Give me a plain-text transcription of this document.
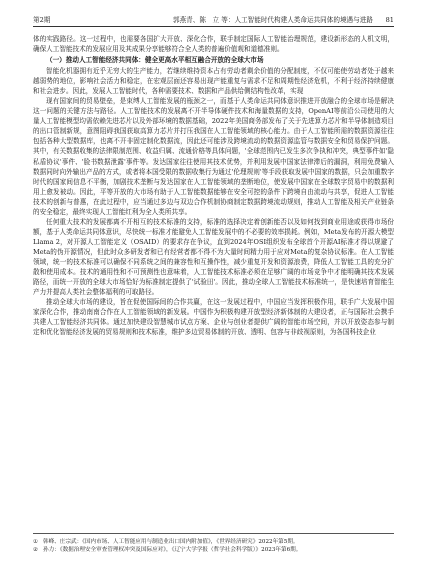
第2期	郭燕青、陈　立 等：人工智能时代构建人类命运共同体的境遇与进路 81

体的实践路径。这一过程中，也需要各国扩大开放、深化合作，联手制定国际人工智能治理规范，建设新形态的人机文明，确保人工智能技术的发展应用及其成果分享能够符合全人类的普遍价值观和道德准则。

（一）推动人工智能经济共同体：健全更高水平相互融合开放的全球大市场

智能化机器拥有近乎无穷大的生产能力，若继续维持资本占有劳动者剩余价值的分配制度，不仅可能使劳动者处于越来越弱势的地位，影响社会活力和稳定，在宏观层面还容易出现产能重复与需求不足和周期性经济危机，不利于经济持续健康和社会进步。因此，发展人工智能时代，各种需要技术、数据和产品供给侧结构性改革，实现

现有国家间的贸易壁垒，是束缚人工智能发展的瓶颈之一，而基于人类命运共同体意识推进开放融合的全球市场是解决这一问题的关键方法与路径。人工智能技术的发展离不开半导体硬件技术和海量数据的支持，OpenAI等前沿公司使用的大量人工智能模型均需依赖先进芯片以及外部环境的数据基础，2022年美国商务部发布了关于先进算力芯片和半导体制造项目的出口管制新规，意图阻碍我国获取高算力芯片并打压我国在人工智能领域的核心能力。由于人工智能所需的数据资源往往包括各种大型数据库，也离不开非固定制化数据流，因此还可能涉及跨境流动的数据资源监管与数据安全和贸易保护问题。其中，有关数据收集的法律限制范围、收益归属、流通价格等具体问题，'全球范围内已发生多次争执和冲突，典型事件如'隐私盾协议'事件、'脸书数据泄露'事件等。发达国家往往使用其技术优势，并利用发展中国家法律滞后的漏洞，利用免费输入数据同时向外输出产品的方式，或者将本国受限的数据收集行为通过'伦理规则'等手段获取发展中国家的数据，只会加重数字时代的国家间信息不平衡，加剧技术垄断与发达国家在人工智能领域的垄断地位，使发展中国家在全球数字贸易中的数据利用上愈发被动。因此，平等开放的大市场有助于人工智能数据能够在安全可控的条件下跨境自由流动与共享，促进人工智能技术的创新与普惠，在此过程中，应当通过多边与双边合作机制协商制定数据跨境流动规则，推动人工智能及相关产业链条的安全稳定，最终实现人工智能红利为全人类所共享。

任何重大技术的发展都离不开相互的技术标准的支持，标准的选择决定着创新能否以及如何找到商业用途或获得市场份额，基于人类命运共同体意识，尽快统一标准才能避免人工智能发展中的不必要的效率损耗。例如，Meta发布的开源大模型Llama 2，对开源人工智能定义（OSAID）的要求存在争议，直到2024年OSI组织发布全球首个开源AI标准才得以规避了Meta的伪开源情况，但此时众多研发者和已有经营者都不得不为大量时间精力用于应对Meta的复杂协议标准。在人工智能领域，统一的技术标准可以确保不同系统之间的兼容性和互操作性，减少重复开发和资源浪费，降低人工智能工具的充分扩散和使用成本。技术的通用性和不可预测性也意味着，人工智能技术标准必须在足够广阔的市场竞争中才能明确其技术发展路径，而统一开放的全球大市场恰好为标准制定提供了'试验田'。因此，推动全球人工智能技术标准统一，是快速培育智能生产力并提高人类社会整体福利的可取路径。

推动全球大市场的建设，旨在促使国际间的合作共赢，在这一发展过程中，中国应当发挥积极作用，联手广大发展中国家深化合作，推动南南合作在人工智能领域的新发展。中国作为积极构建开放型经济新体制的大建设者，正与国际社会携手共建人工智能经济共同体。通过加快建设智慧城市试点方案、企业与创业者提供广阔的智能市场空间，并以开放姿态参与制定和优化智能经济发展的贸易规则和技术标准，维护多边贸易体制的开放、透明、包容与非歧视原则，为各国科技企业

① 韩峰、庄宗武：《国内市场、人工智能应用与制造业出口国内附加值》，《世界经济研究》2022年第5期。

② 孙力：《数据治理安全审查管理权冲突及国际应对》，《辽宁大学学报（哲学社会科学版）》2023年第6期。
